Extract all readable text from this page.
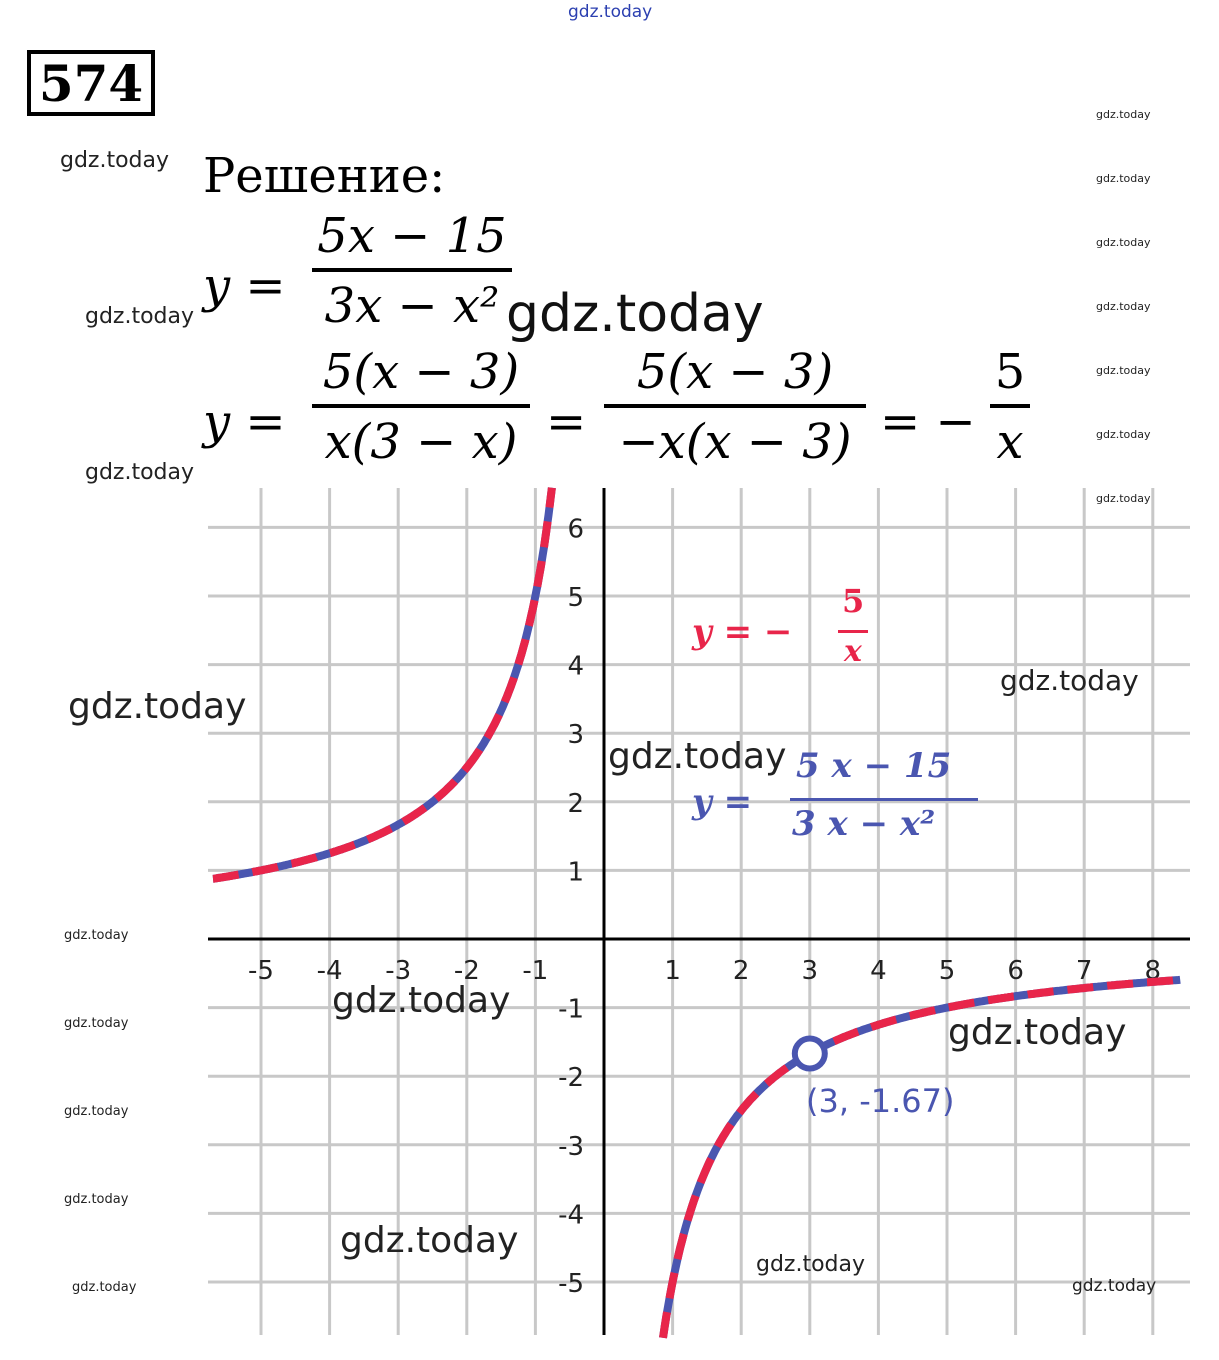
gdz.today
574
Решение:
y =
5x − 15
3x − x²
y =
5(x − 3)
x(3 − x) =
5(x − 3)
−x(x − 3) = −
5
x
-5 -4 -3 -2 -1	1 2 3 4 5 6 7 8
-5
-4
-3
-2
-1
1
2
3
4
5
6
y = −
5
x
y =
5 x − 15
3 x − x²
(3, -1.67)
gdz.today
gdz.today
gdz.today
gdz.today
gdz.today
gdz.today
gdz.today
gdz.today
gdz.today	gdz.today
gdz.today
gdz.today
gdz.today
gdz.today
gdz.today
gdz.today
gdz.today
gdz.today
gdz.today
gdz.today
gdz.today
gdz.today
gdz.today
gdz.today
